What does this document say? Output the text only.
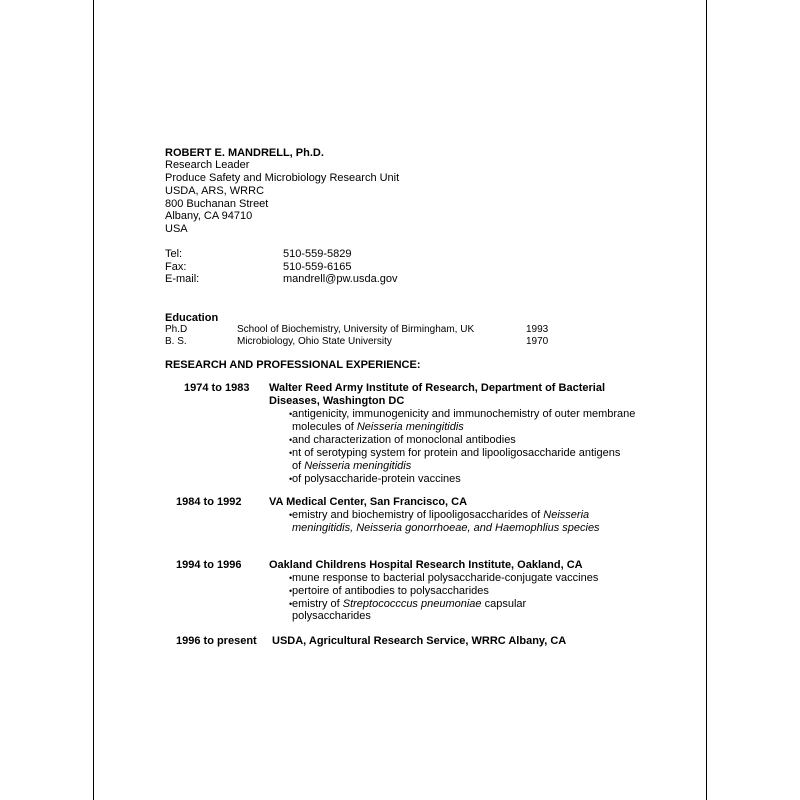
ROBERT E. MANDRELL, Ph.D.
Research Leader
Produce Safety and Microbiology Research Unit
USDA, ARS, WRRC
800 Buchanan Street
Albany, CA 94710
USA
Tel:	510-559-5829
Fax:	510-559-6165
E-mail:	mandrell@pw.usda.gov
Education
Ph.D	School of Biochemistry, University of Birmingham, UK	1993
B. S.	Microbiology, Ohio State University	1970
RESEARCH AND PROFESSIONAL EXPERIENCE:
1974 to 1983 Walter Reed Army Institute of Research, Department of Bacterial
Diseases, Washington DC
• antigenicity, immunogenicity and immunochemistry of outer membrane
molecules of Neisseria meningitidis
• and characterization of monoclonal antibodies
• nt of serotyping system for protein and lipooligosaccharide antigens
of Neisseria meningitidis
• of polysaccharide-protein vaccines
1984 to 1992	VA Medical Center, San Francisco, CA
• emistry and biochemistry of lipooligosaccharides of Neisseria
meningitidis, Neisseria gonorrhoeae, and Haemophlius species
1994 to 1996	Oakland Childrens Hospital Research Institute, Oakland, CA
• mune response to bacterial polysaccharide-conjugate vaccines
• pertoire of antibodies to polysaccharides
• emistry of Streptococccus pneumoniae capsular
polysaccharides
1996 to present USDA, Agricultural Research Service, WRRC Albany, CA
